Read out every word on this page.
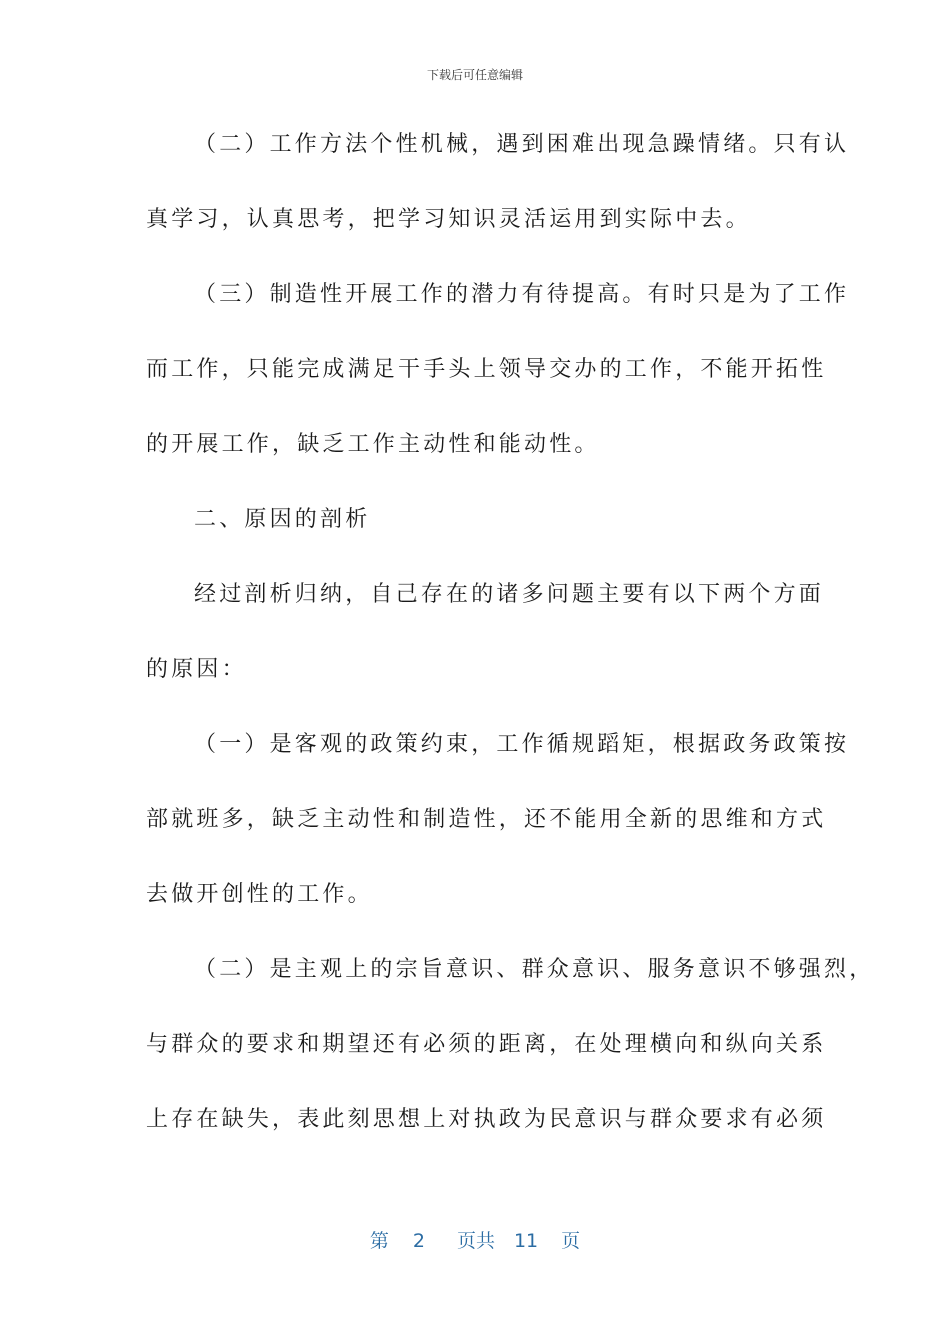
下载后可任意编辑
（二）工作方法个性机械，遇到困难出现急躁情绪。只有认
真学习，认真思考，把学习知识灵活运用到实际中去。
（三）制造性开展工作的潜力有待提高。有时只是为了工作
而工作，只能完成满足干手头上领导交办的工作，不能开拓性
的开展工作，缺乏工作主动性和能动性。
二、原因的剖析
经过剖析归纳，自己存在的诸多问题主要有以下两个方面
的原因：
（一）是客观的政策约束，工作循规蹈矩，根据政务政策按
部就班多，缺乏主动性和制造性，还不能用全新的思维和方式
去做开创性的工作。
（二）是主观上的宗旨意识、群众意识、服务意识不够强烈，
与群众的要求和期望还有必须的距离，在处理横向和纵向关系
上存在缺失，表此刻思想上对执政为民意识与群众要求有必须
第 2 页共 11 页
